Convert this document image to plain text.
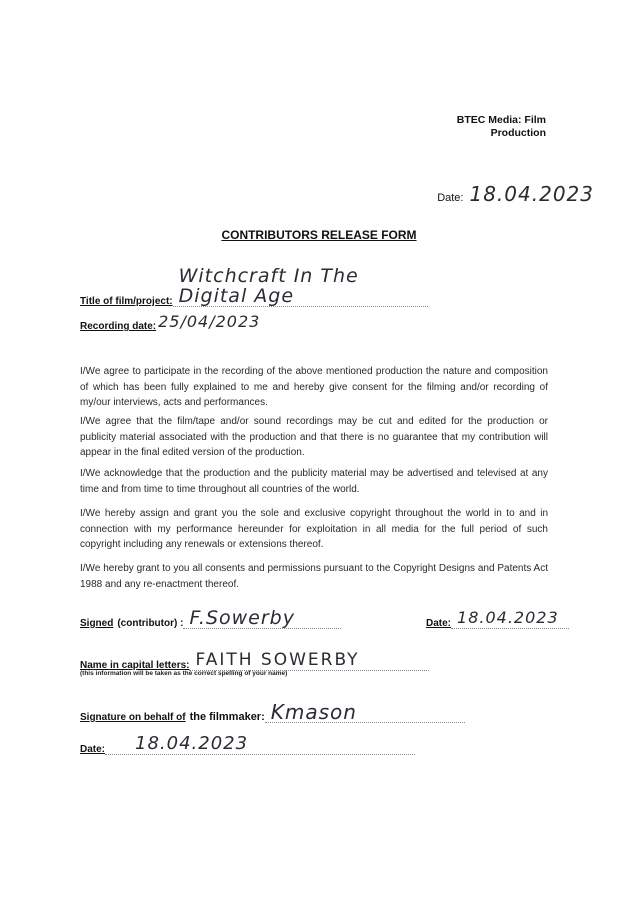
BTEC Media: Film
Production
Date: 18.04.2023
CONTRIBUTORS RELEASE FORM
Title of film/project:
Witchcraft In The Digital Age
Recording date: 25/04/2023
I/We agree to participate in the recording of the above mentioned production the nature and composition of which has been fully explained to me and hereby give consent for the filming and/or recording of my/our interviews, acts and performances.
I/We agree that the film/tape and/or sound recordings may be cut and edited for the production or publicity material associated with the production and that there is no guarantee that my contribution will appear in the final edited version of the production.
I/We acknowledge that the production and the publicity material may be advertised and televised at any time and from time to time throughout all countries of the world.
I/We hereby assign and grant you the sole and exclusive copyright throughout the world in to and in connection with my performance hereunder for exploitation in all media for the full period of such copyright including any renewals or extensions thereof.
I/We hereby grant to you all consents and permissions pursuant to the Copyright Designs and Patents Act 1988 and any re-enactment thereof.
Signed (contributor) : F.Sowerby	Date: 18.04.2023
Name in capital letters: FAITH SOWERBY
(this information will be taken as the correct spelling of your name)
Signature on behalf of the filmmaker: Kmason
Date:	18.04.2023
